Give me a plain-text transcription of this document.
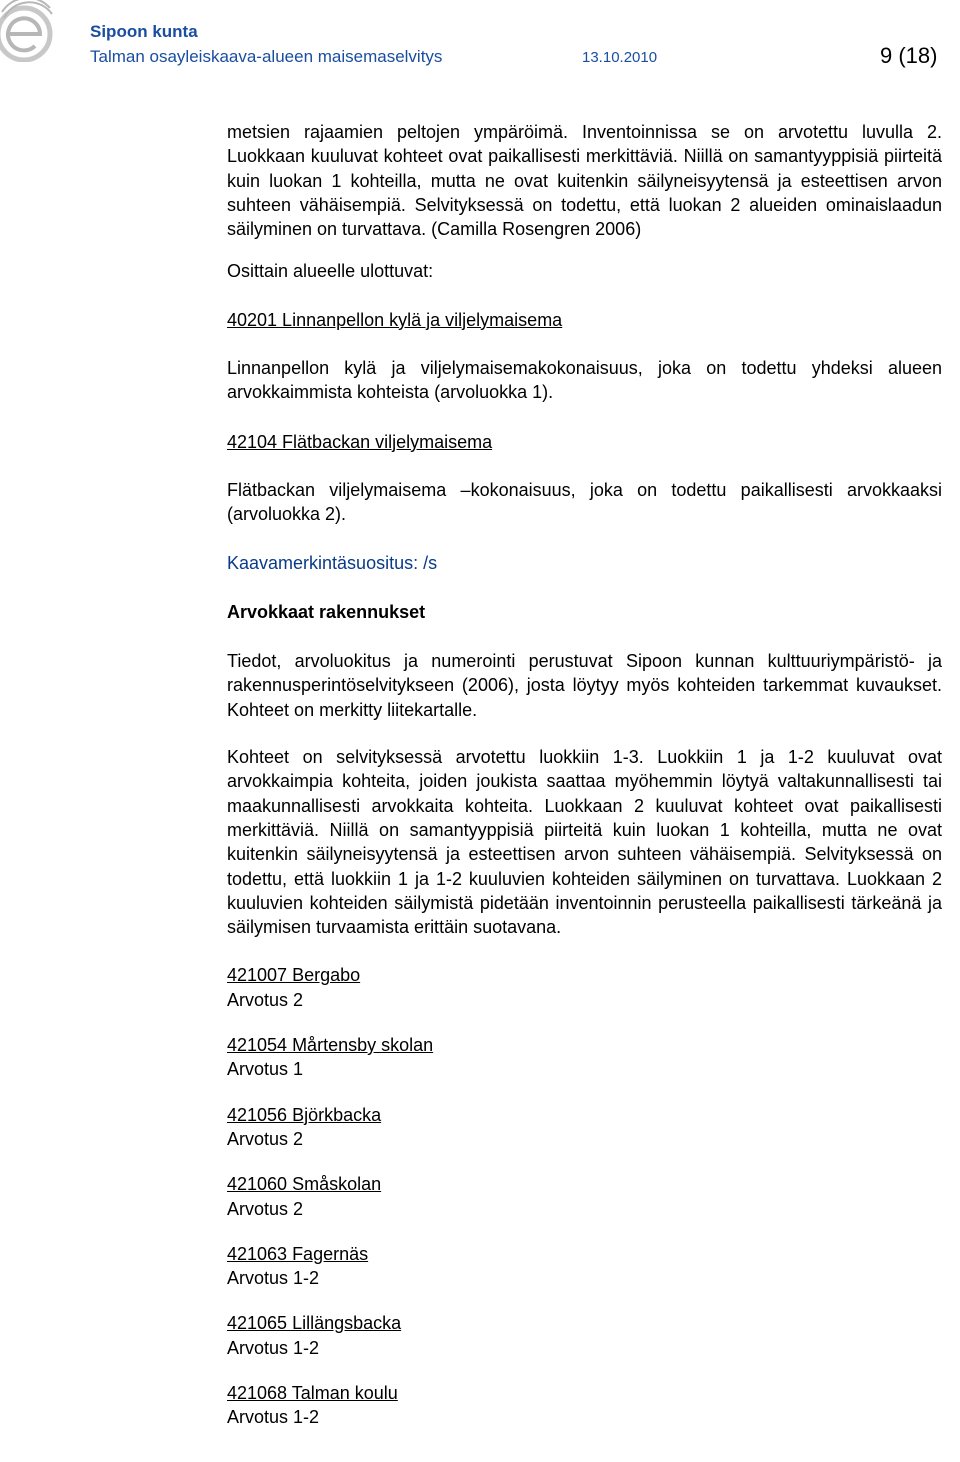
Sipoon kunta
Talman osayleiskaava-alueen maisemaselvitys	13.10.2010	9 (18)

metsien rajaamien peltojen ympäröimä. Inventoinnissa se on arvotettu luvulla 2. Luokkaan kuuluvat kohteet ovat paikallisesti merkittäviä. Niillä on samantyyppisiä piirteitä kuin luokan 1 kohteilla, mutta ne ovat kuitenkin säilyneisyytensä ja esteettisen arvon suhteen vähäisempiä. Selvityksessä on todettu, että luokan 2 alueiden ominaislaadun säilyminen on turvattava. (Camilla Rosengren 2006)

Osittain alueelle ulottuvat:

40201 Linnanpellon kylä ja viljelymaisema

Linnanpellon kylä ja viljelymaisemakokonaisuus, joka on todettu yhdeksi alueen arvokkaimmista kohteista (arvoluokka 1).

42104 Flätbackan viljelymaisema

Flätbackan viljelymaisema –kokonaisuus, joka on todettu paikallisesti arvokkaaksi (arvoluokka 2).

Kaavamerkintäsuositus: /s

Arvokkaat rakennukset

Tiedot, arvoluokitus ja numerointi perustuvat Sipoon kunnan kulttuuriympäristö- ja rakennusperintöselvitykseen (2006), josta löytyy myös kohteiden tarkemmat kuvaukset. Kohteet on merkitty liitekartalle.

Kohteet on selvityksessä arvotettu luokkiin 1-3. Luokkiin 1 ja 1-2 kuuluvat ovat arvokkaimpia kohteita, joiden joukista saattaa myöhemmin löytyä valtakunnallisesti tai maakunnallisesti arvokkaita kohteita. Luokkaan 2 kuuluvat kohteet ovat paikallisesti merkittäviä. Niillä on samantyyppisiä piirteitä kuin luokan 1 kohteilla, mutta ne ovat kuitenkin säilyneisyytensä ja esteettisen arvon suhteen vähäisempiä. Selvityksessä on todettu, että luokkiin 1 ja 1-2 kuuluvien kohteiden säilyminen on turvattava. Luokkaan 2 kuuluvien kohteiden säilymistä pidetään inventoinnin perusteella paikallisesti tärkeänä ja säilymisen turvaamista erittäin suotavana.

421007 Bergabo

Arvotus 2

421054 Mårtensby skolan

Arvotus 1

421056 Björkbacka

Arvotus 2

421060 Småskolan

Arvotus 2

421063 Fagernäs

Arvotus 1-2

421065 Lillängsbacka

Arvotus 1-2

421068 Talman koulu

Arvotus 1-2
